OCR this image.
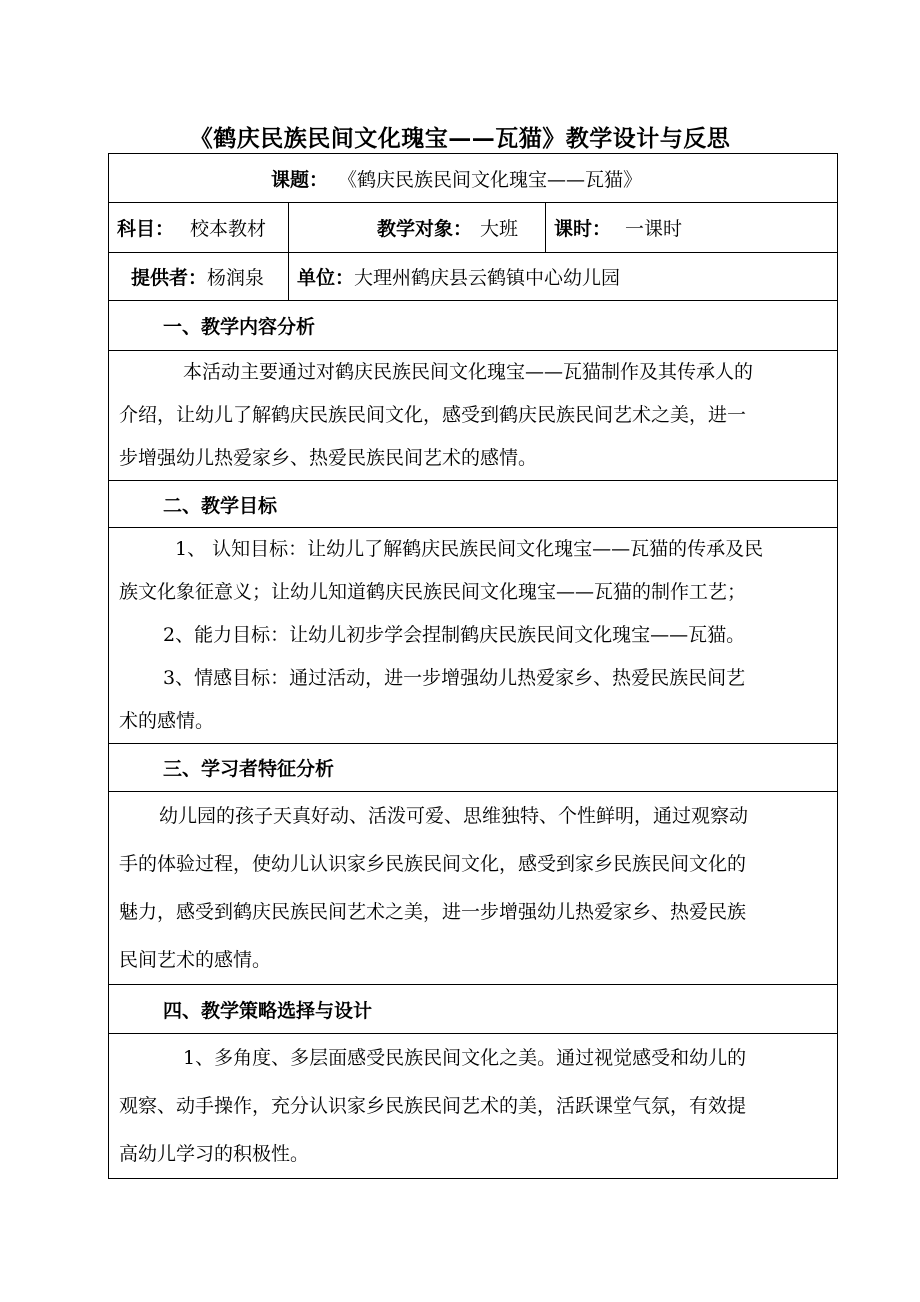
《鹤庆民族民间文化瑰宝——瓦猫》教学设计与反思
课题： 《鹤庆民族民间文化瑰宝——瓦猫》		
科目： 校本教材	教学对象： 大班	课时： 一课时
提供者：杨润泉	单位：大理州鹤庆县云鹤镇中心幼儿园	
一、教学内容分析		

本活动主要通过对鹤庆民族民间文化瑰宝——瓦猫制作及其传承人的
介绍，让幼儿了解鹤庆民族民间文化，感受到鹤庆民族民间艺术之美，进一
步增强幼儿热爱家乡、热爱民族民间艺术的感情。		

二、教学目标		

1、 认知目标：让幼儿了解鹤庆民族民间文化瑰宝——瓦猫的传承及民
族文化象征意义；让幼儿知道鹤庆民族民间文化瑰宝——瓦猫的制作工艺；
2、能力目标：让幼儿初步学会捏制鹤庆民族民间文化瑰宝——瓦猫。
3、情感目标：通过活动，进一步增强幼儿热爱家乡、热爱民族民间艺
术的感情。		

三、学习者特征分析		

幼儿园的孩子天真好动、活泼可爱、思维独特、个性鲜明，通过观察动
手的体验过程，使幼儿认识家乡民族民间文化，感受到家乡民族民间文化的
魅力，感受到鹤庆民族民间艺术之美，进一步增强幼儿热爱家乡、热爱民族
民间艺术的感情。		

四、教学策略选择与设计		

1、多角度、多层面感受民族民间文化之美。通过视觉感受和幼儿的
观察、动手操作，充分认识家乡民族民间艺术的美，活跃课堂气氛，有效提
高幼儿学习的积极性。		
